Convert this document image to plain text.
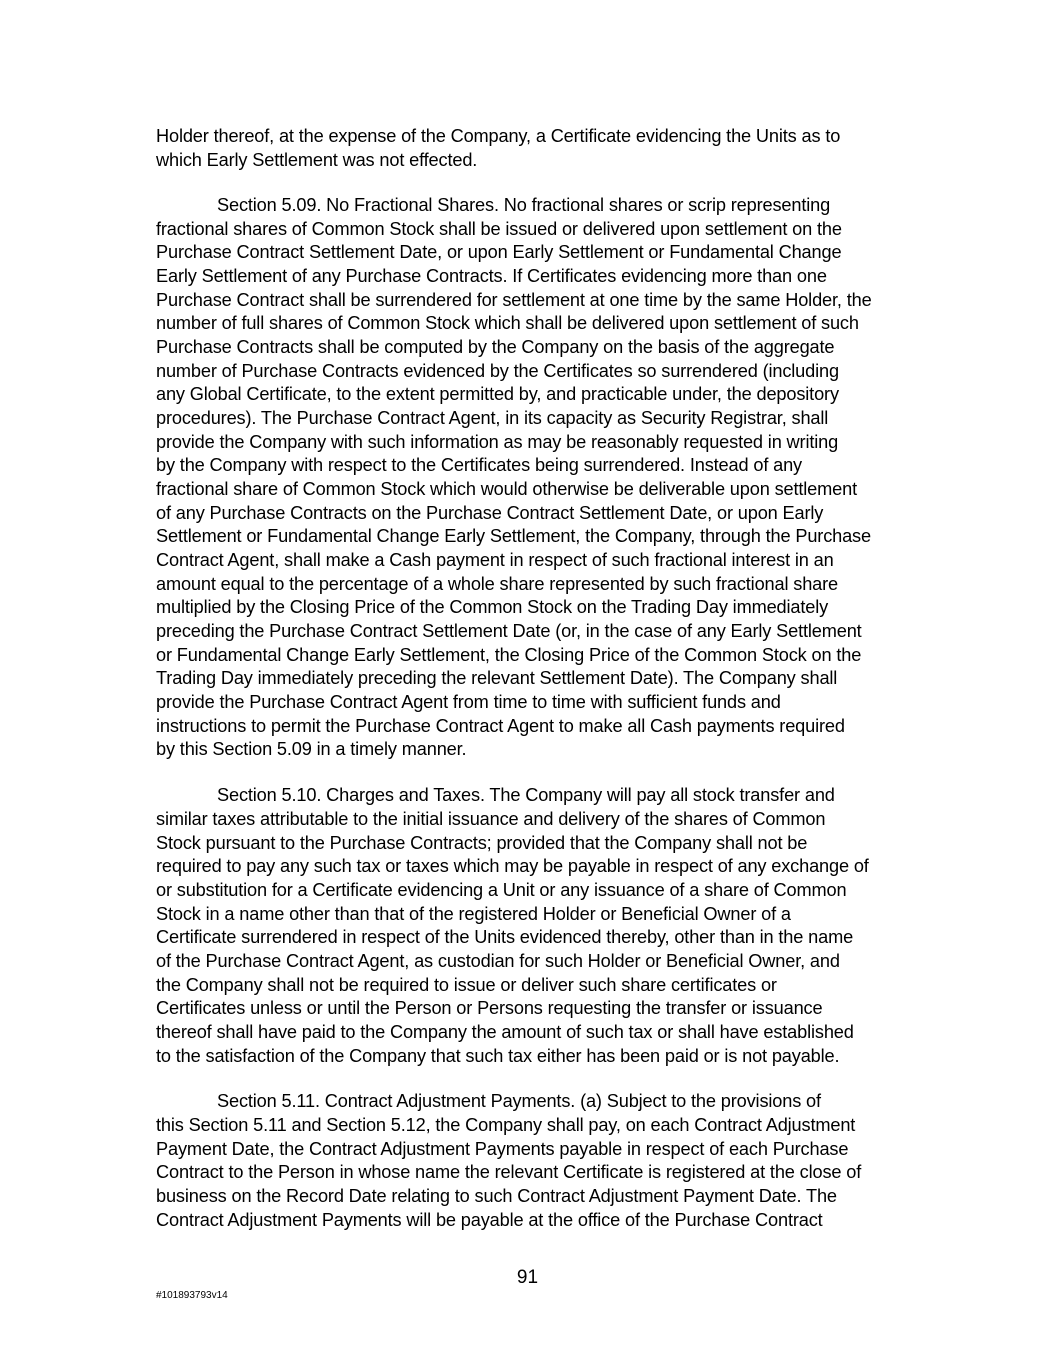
Holder thereof, at the expense of the Company, a Certificate evidencing the Units as to
which Early Settlement was not effected.
Section 5.09. No Fractional Shares. No fractional shares or scrip representing
fractional shares of Common Stock shall be issued or delivered upon settlement on the
Purchase Contract Settlement Date, or upon Early Settlement or Fundamental Change
Early Settlement of any Purchase Contracts. If Certificates evidencing more than one
Purchase Contract shall be surrendered for settlement at one time by the same Holder, the
number of full shares of Common Stock which shall be delivered upon settlement of such
Purchase Contracts shall be computed by the Company on the basis of the aggregate
number of Purchase Contracts evidenced by the Certificates so surrendered (including
any Global Certificate, to the extent permitted by, and practicable under, the depository
procedures). The Purchase Contract Agent, in its capacity as Security Registrar, shall
provide the Company with such information as may be reasonably requested in writing
by the Company with respect to the Certificates being surrendered. Instead of any
fractional share of Common Stock which would otherwise be deliverable upon settlement
of any Purchase Contracts on the Purchase Contract Settlement Date, or upon Early
Settlement or Fundamental Change Early Settlement, the Company, through the Purchase
Contract Agent, shall make a Cash payment in respect of such fractional interest in an
amount equal to the percentage of a whole share represented by such fractional share
multiplied by the Closing Price of the Common Stock on the Trading Day immediately
preceding the Purchase Contract Settlement Date (or, in the case of any Early Settlement
or Fundamental Change Early Settlement, the Closing Price of the Common Stock on the
Trading Day immediately preceding the relevant Settlement Date). The Company shall
provide the Purchase Contract Agent from time to time with sufficient funds and
instructions to permit the Purchase Contract Agent to make all Cash payments required
by this Section 5.09 in a timely manner.
Section 5.10. Charges and Taxes. The Company will pay all stock transfer and
similar taxes attributable to the initial issuance and delivery of the shares of Common
Stock pursuant to the Purchase Contracts; provided that the Company shall not be
required to pay any such tax or taxes which may be payable in respect of any exchange of
or substitution for a Certificate evidencing a Unit or any issuance of a share of Common
Stock in a name other than that of the registered Holder or Beneficial Owner of a
Certificate surrendered in respect of the Units evidenced thereby, other than in the name
of the Purchase Contract Agent, as custodian for such Holder or Beneficial Owner, and
the Company shall not be required to issue or deliver such share certificates or
Certificates unless or until the Person or Persons requesting the transfer or issuance
thereof shall have paid to the Company the amount of such tax or shall have established
to the satisfaction of the Company that such tax either has been paid or is not payable.
Section 5.11. Contract Adjustment Payments. (a) Subject to the provisions of
this Section 5.11 and Section 5.12, the Company shall pay, on each Contract Adjustment
Payment Date, the Contract Adjustment Payments payable in respect of each Purchase
Contract to the Person in whose name the relevant Certificate is registered at the close of
business on the Record Date relating to such Contract Adjustment Payment Date. The
Contract Adjustment Payments will be payable at the office of the Purchase Contract
91
#101893793v14
